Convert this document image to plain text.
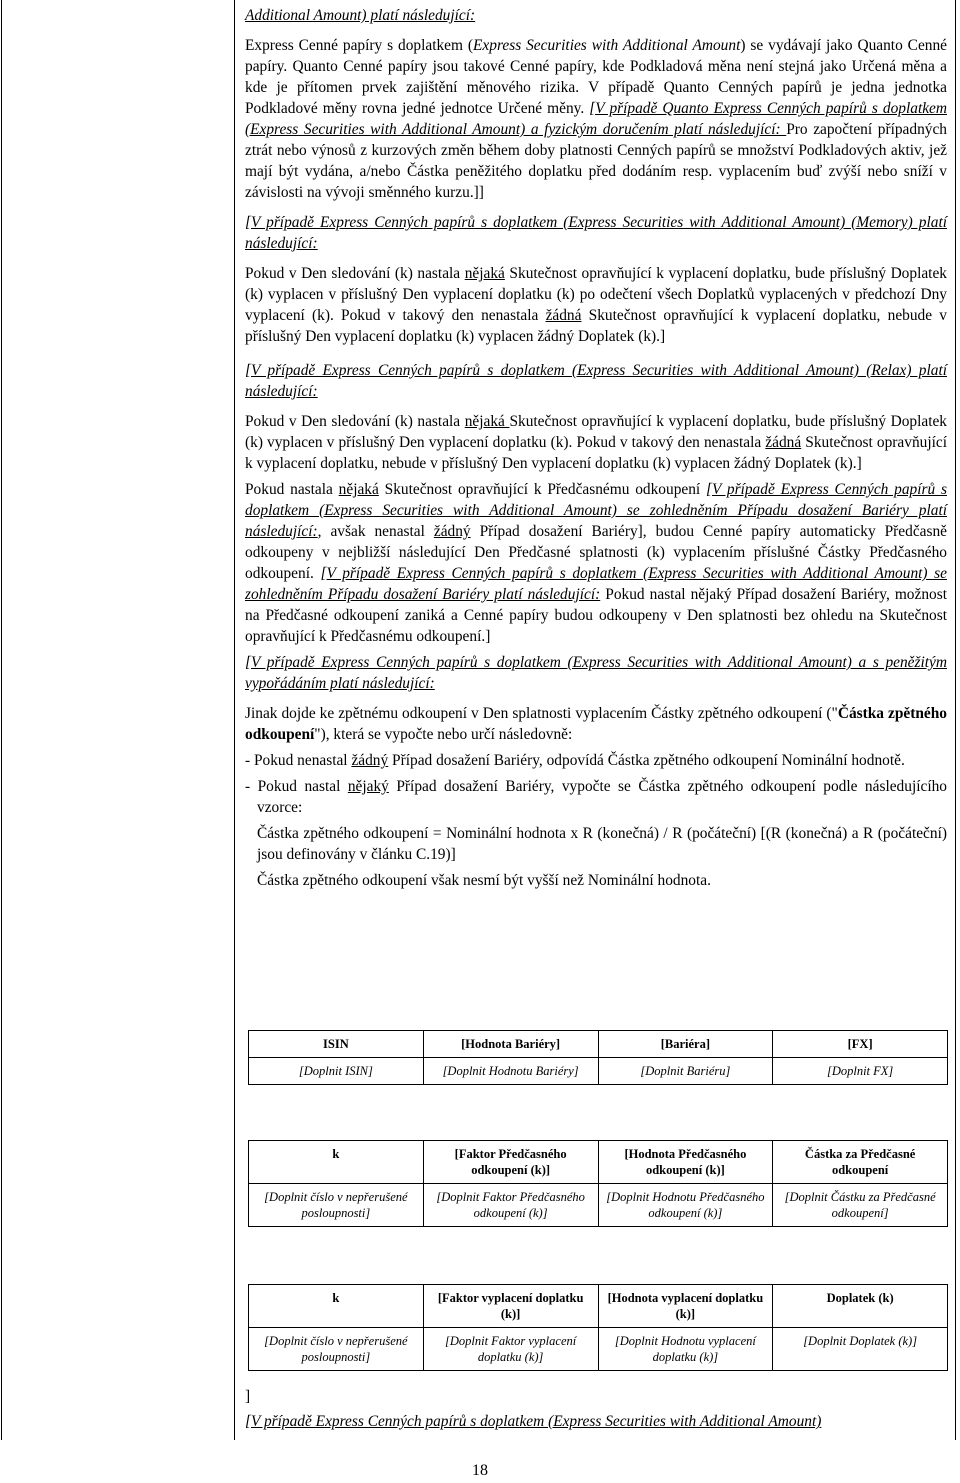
Additional Amount) platí následující:

Express Cenné papíry s doplatkem (Express Securities with Additional Amount) se vydávají jako Quanto Cenné papíry. Quanto Cenné papíry jsou takové Cenné papíry, kde Podkladová měna není stejná jako Určená měna a kde je přítomen prvek zajištění měnového rizika. V případě Quanto Cenných papírů je jedna jednotka Podkladové měny rovna jedné jednotce Určené měny. [V případě Quanto Express Cenných papírů s doplatkem (Express Securities with Additional Amount) a fyzickým doručením platí následující: Pro započtení případných ztrát nebo výnosů z kurzových změn během doby platnosti Cenných papírů se množství Podkladových aktiv, jež mají být vydána, a/nebo Částka peněžitého doplatku před dodáním resp. vyplacením buď zvýší nebo sníží v závislosti na vývoji směnného kurzu.]]

[V případě Express Cenných papírů s doplatkem (Express Securities with Additional Amount) (Memory) platí následující:

Pokud v Den sledování (k) nastala nějaká Skutečnost opravňující k vyplacení doplatku, bude příslušný Doplatek (k) vyplacen v příslušný Den vyplacení doplatku (k) po odečtení všech Doplatků vyplacených v předchozí Dny vyplacení (k). Pokud v takový den nenastala žádná Skutečnost opravňující k vyplacení doplatku, nebude v příslušný Den vyplacení doplatku (k) vyplacen žádný Doplatek (k).]

[V případě Express Cenných papírů s doplatkem (Express Securities with Additional Amount) (Relax) platí následující:

Pokud v Den sledování (k) nastala nějaká Skutečnost opravňující k vyplacení doplatku, bude příslušný Doplatek (k) vyplacen v příslušný Den vyplacení doplatku (k). Pokud v takový den nenastala žádná Skutečnost opravňující k vyplacení doplatku, nebude v příslušný Den vyplacení doplatku (k) vyplacen žádný Doplatek (k).]

Pokud nastala nějaká Skutečnost opravňující k Předčasnému odkoupení [V případě Express Cenných papírů s doplatkem (Express Securities with Additional Amount) se zohledněním Případu dosažení Bariéry platí následující:, avšak nenastal žádný Případ dosažení Bariéry], budou Cenné papíry automaticky Předčasně odkoupeny v nejbližší následující Den Předčasné splatnosti (k) vyplacením příslušné Částky Předčasného odkoupení. [V případě Express Cenných papírů s doplatkem (Express Securities with Additional Amount) se zohledněním Případu dosažení Bariéry platí následující: Pokud nastal nějaký Případ dosažení Bariéry, možnost na Předčasné odkoupení zaniká a Cenné papíry budou odkoupeny v Den splatnosti bez ohledu na Skutečnost opravňující k Předčasnému odkoupení.]

[V případě Express Cenných papírů s doplatkem (Express Securities with Additional Amount) a s peněžitým vypořádáním platí následující:

Jinak dojde ke zpětnému odkoupení v Den splatnosti vyplacením Částky zpětného odkoupení ("Částka zpětného odkoupení"), která se vypočte nebo určí následovně:

- Pokud nenastal žádný Případ dosažení Bariéry, odpovídá Částka zpětného odkoupení Nominální hodnotě.

- Pokud nastal nějaký Případ dosažení Bariéry, vypočte se Částka zpětného odkoupení podle následujícího vzorce:

Částka zpětného odkoupení = Nominální hodnota x R (konečná) / R (počáteční) [(R (konečná) a R (počáteční) jsou definovány v článku C.19)]

Částka zpětného odkoupení však nesmí být vyšší než Nominální hodnota.

ISIN	[Hodnota Bariéry]	[Bariéra]	[FX]
[Doplnit ISIN]	[Doplnit Hodnotu Bariéry]	[Doplnit Bariéru]	[Doplnit FX]
k	[Faktor Předčasného odkoupení (k)]	[Hodnota Předčasného odkoupení (k)]	Částka za Předčasné odkoupení
[Doplnit číslo v nepřerušené posloupnosti]	[Doplnit Faktor Předčasného odkoupení (k)]	[Doplnit Hodnotu Předčasného odkoupení (k)]	[Doplnit Částku za Předčasné odkoupení]
k	[Faktor vyplacení doplatku (k)]	[Hodnota vyplacení doplatku (k)]	Doplatek (k)
[Doplnit číslo v nepřerušené posloupnosti]	[Doplnit Faktor vyplacení doplatku (k)]	[Doplnit Hodnotu vyplacení doplatku (k)]	[Doplnit Doplatek (k)]
]
[V případě Express Cenných papírů s doplatkem (Express Securities with Additional Amount)
18
